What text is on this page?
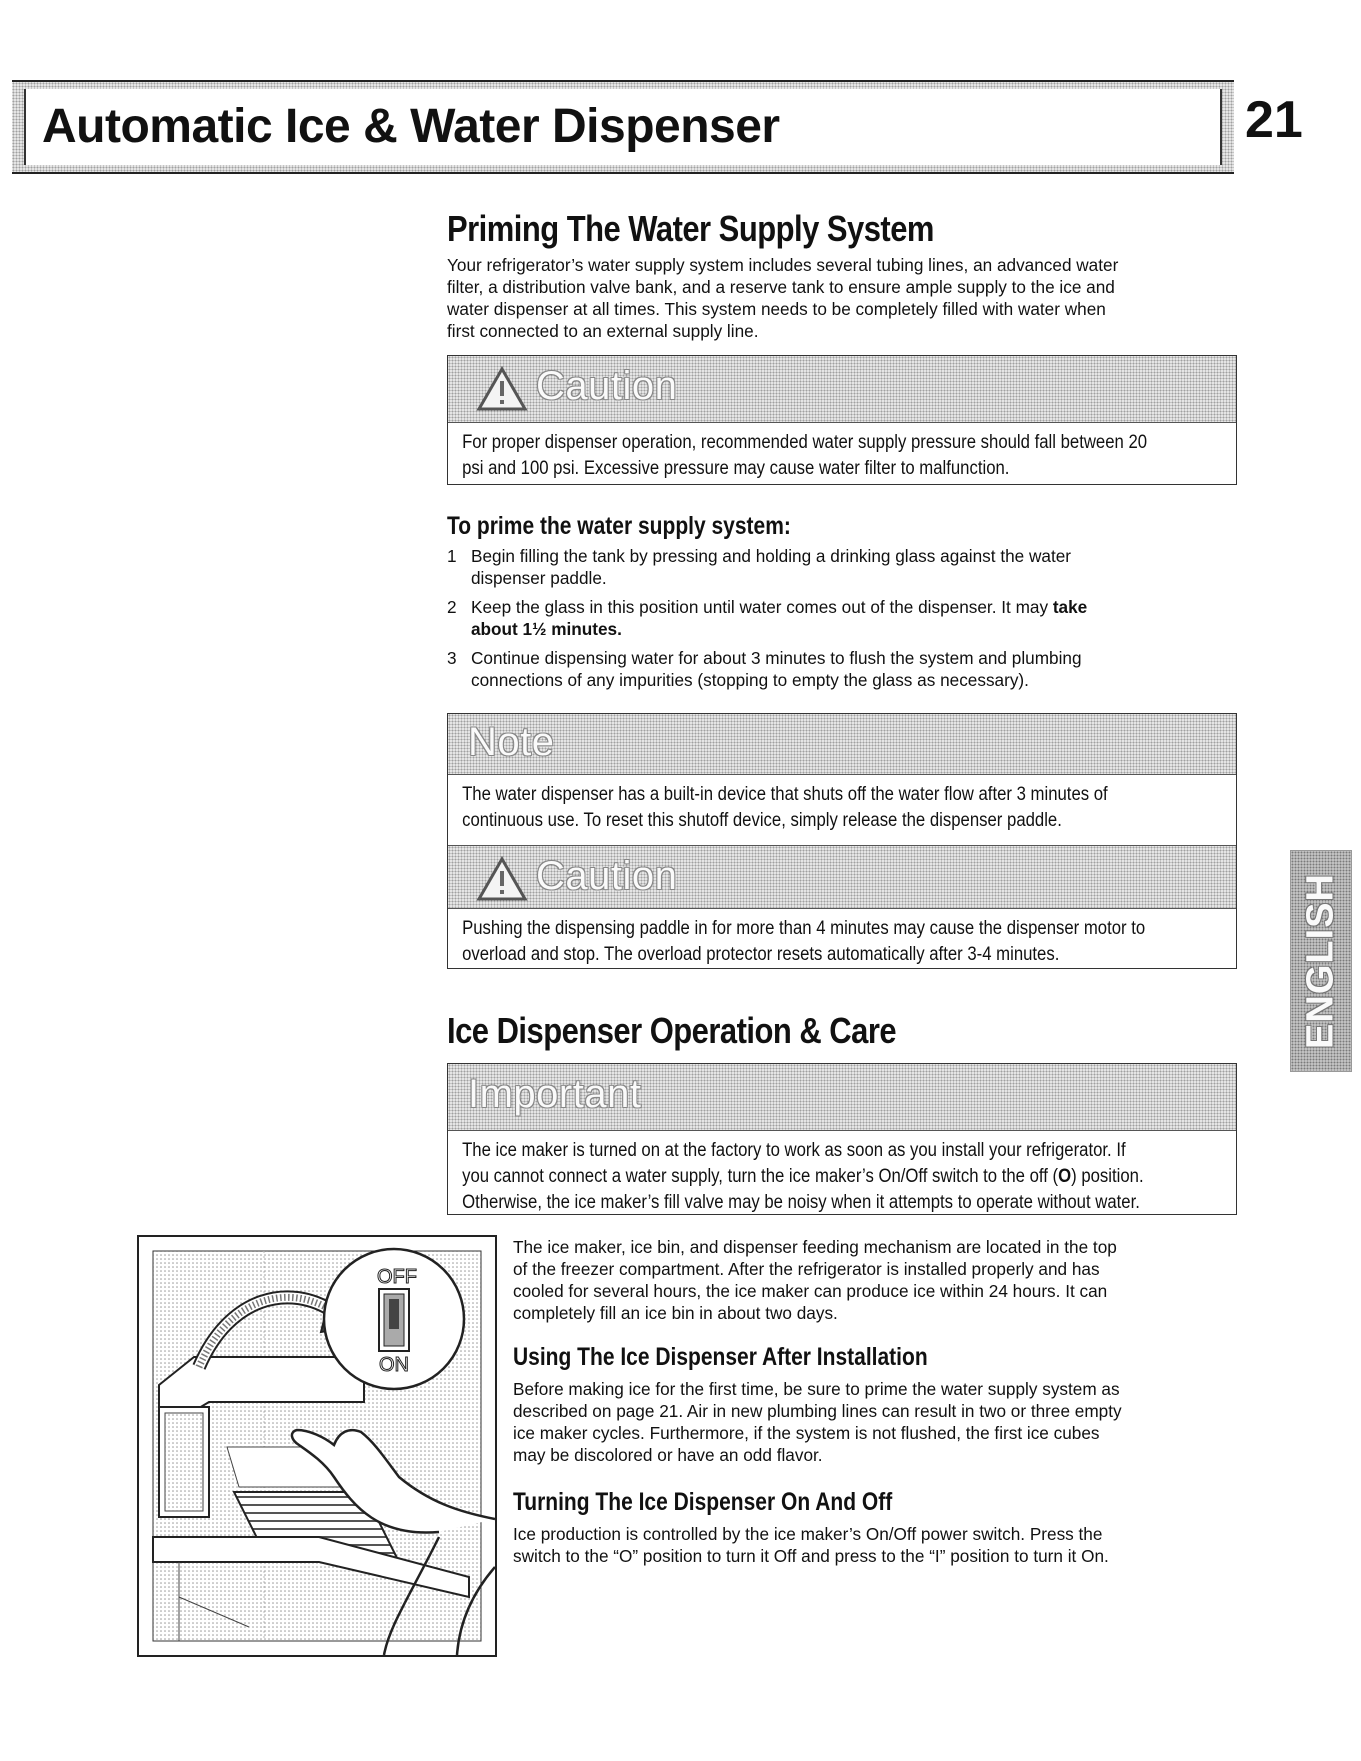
Automatic Ice & Water Dispenser	21
Priming The Water Supply System
Your refrigerator’s water supply system includes several tubing lines, an advanced water
filter, a distribution valve bank, and a reserve tank to ensure ample supply to the ice and
water dispenser at all times. This system needs to be completely filled with water when
first connected to an external supply line.
Caution

For proper dispenser operation, recommended water supply pressure should fall between 20

psi and 100 psi. Excessive pressure may cause water filter to malfunction.

To prime the water supply system:
1 Begin filling the tank by pressing and holding a drinking glass against the water
dispenser paddle.
2 Keep the glass in this position until water comes out of the dispenser. It may take
about 1½ minutes.
3 Continue dispensing water for about 3 minutes to flush the system and plumbing
connections of any impurities (stopping to empty the glass as necessary).
Note

The water dispenser has a built-in device that shuts off the water flow after 3 minutes of

continuous use. To reset this shutoff device, simply release the dispenser paddle.

Caution

Pushing the dispensing paddle in for more than 4 minutes may cause the dispenser motor to

overload and stop. The overload protector resets automatically after 3-4 minutes.

Ice Dispenser Operation & Care
Important

The ice maker is turned on at the factory to work as soon as you install your refrigerator. If

you cannot connect a water supply, turn the ice maker’s On/Off switch to the off (O) position.

Otherwise, the ice maker’s fill valve may be noisy when it attempts to operate without water.

The ice maker, ice bin, and dispenser feeding mechanism are located in the top
of the freezer compartment. After the refrigerator is installed properly and has
cooled for several hours, the ice maker can produce ice within 24 hours. It can
completely fill an ice bin in about two days.
Using The Ice Dispenser After Installation
Before making ice for the first time, be sure to prime the water supply system as
described on page 21. Air in new plumbing lines can result in two or three empty
ice maker cycles. Furthermore, if the system is not flushed, the first ice cubes
may be discolored or have an odd flavor.
Turning The Ice Dispenser On And Off
Ice production is controlled by the ice maker’s On/Off power switch. Press the
switch to the “O” position to turn it Off and press to the “I” position to turn it On.
OFF
ON
ENGLISH
